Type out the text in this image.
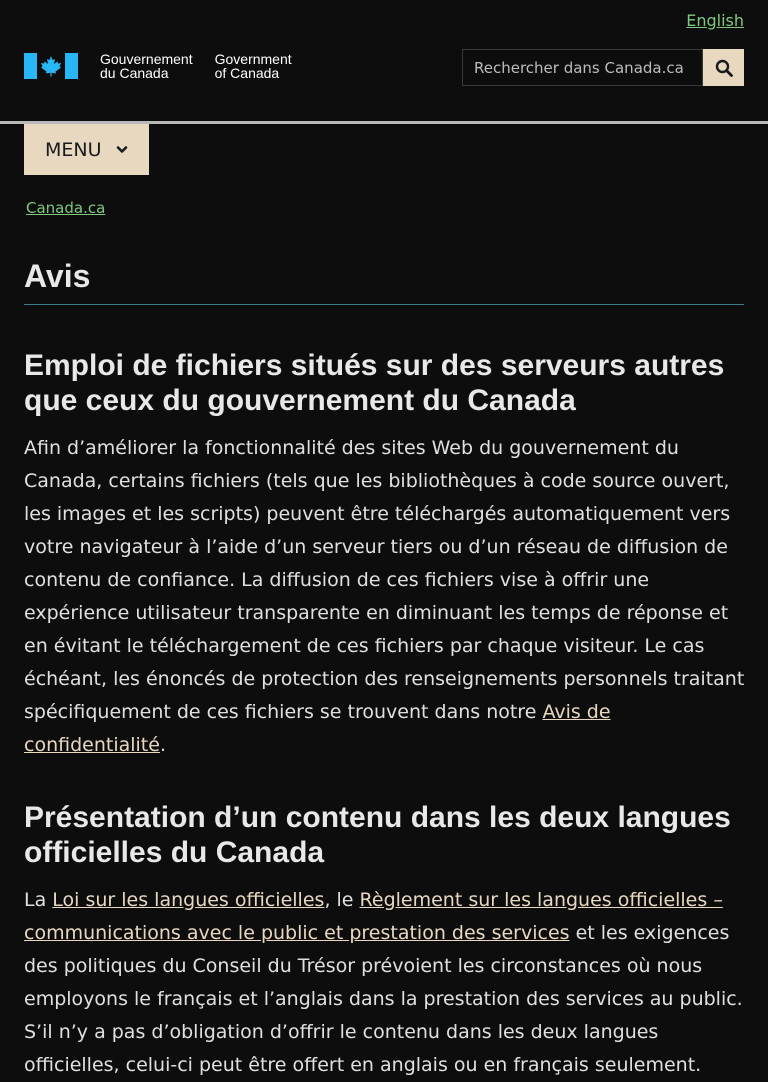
English
Gouvernement
du Canada
Government
of Canada
Rechercher dans Canada.ca
MENU
Canada.ca
Avis
Emploi de fichiers situés sur des serveurs autres que ceux du gouvernement du Canada

Afin d’améliorer la fonctionnalité des sites Web du gouvernement du Canada, certains fichiers (tels que les bibliothèques à code source ouvert, les images et les scripts) peuvent être téléchargés automatiquement vers votre navigateur à l’aide d’un serveur tiers ou d’un réseau de diffusion de contenu de confiance. La diffusion de ces fichiers vise à offrir une expérience utilisateur transparente en diminuant les temps de réponse et en évitant le téléchargement de ces fichiers par chaque visiteur. Le cas échéant, les énoncés de protection des renseignements personnels traitant spécifiquement de ces fichiers se trouvent dans notre Avis de confidentialité.

Présentation d’un contenu dans les deux langues officielles du Canada

La Loi sur les langues officielles, le Règlement sur les langues officielles – communications avec le public et prestation des services et les exigences des politiques du Conseil du Trésor prévoient les circonstances où nous employons le français et l’anglais dans la prestation des services au public. S’il n’y a pas d’obligation d’offrir le contenu dans les deux langues officielles, celui-ci peut être offert en anglais ou en français seulement.
